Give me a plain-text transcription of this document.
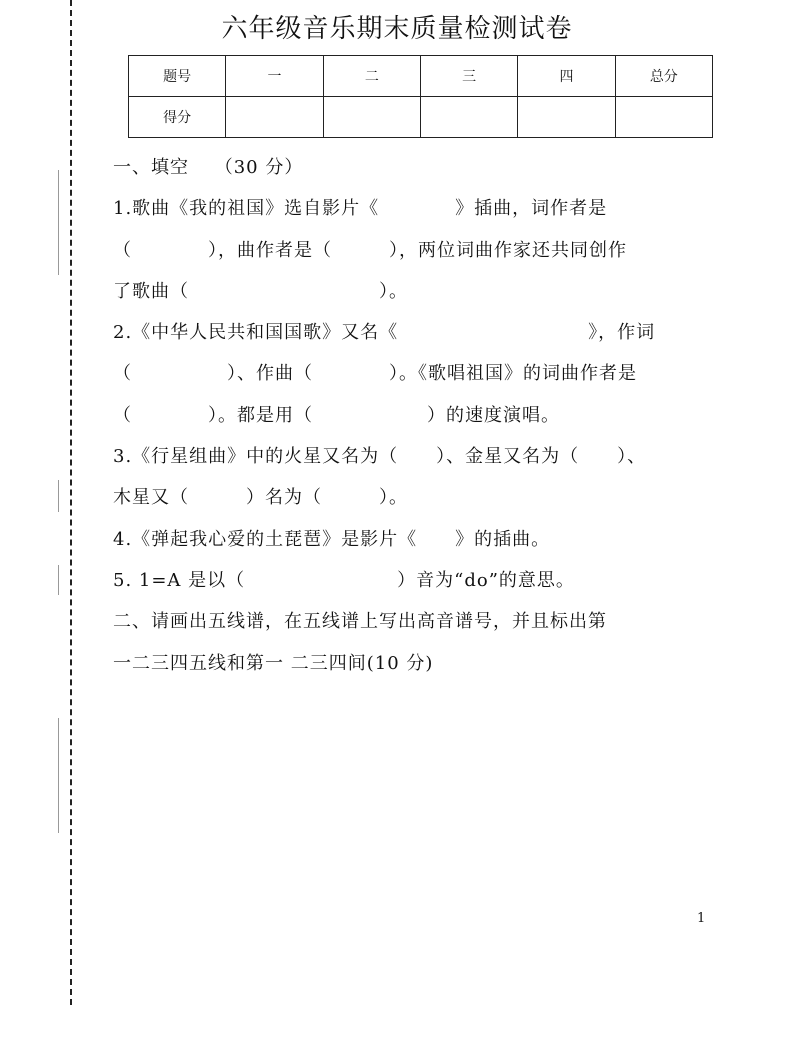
六年级音乐期末质量检测试卷
题号	一	二	三	四	总分
得分					
一、填空　 （30 分）
1.歌曲《我的祖国》选自影片《　　　　》插曲，词作者是
（　　　　），曲作者是（　　　），两位词曲作家还共同创作
了歌曲（　　　　　　　　　　）。
2.《中华人民共和国国歌》又名《　　　　　　　　　　》，作词
（　　　　　）、作曲（　　　　）。《歌唱祖国》的词曲作者是
（　　　　）。都是用（　　　　　　）的速度演唱。
3.《行星组曲》中的火星又名为（　　）、金星又名为（　　）、
木星又（　　　）名为（　　　）。
4.《弹起我心爱的土琵琶》是影片《　　》的插曲。
5. 1=A 是以（　　　　　　　　）音为“do”的意思。
二、请画出五线谱，在五线谱上写出高音谱号，并且标出第
一二三四五线和第一 二三四间(10 分)
1
